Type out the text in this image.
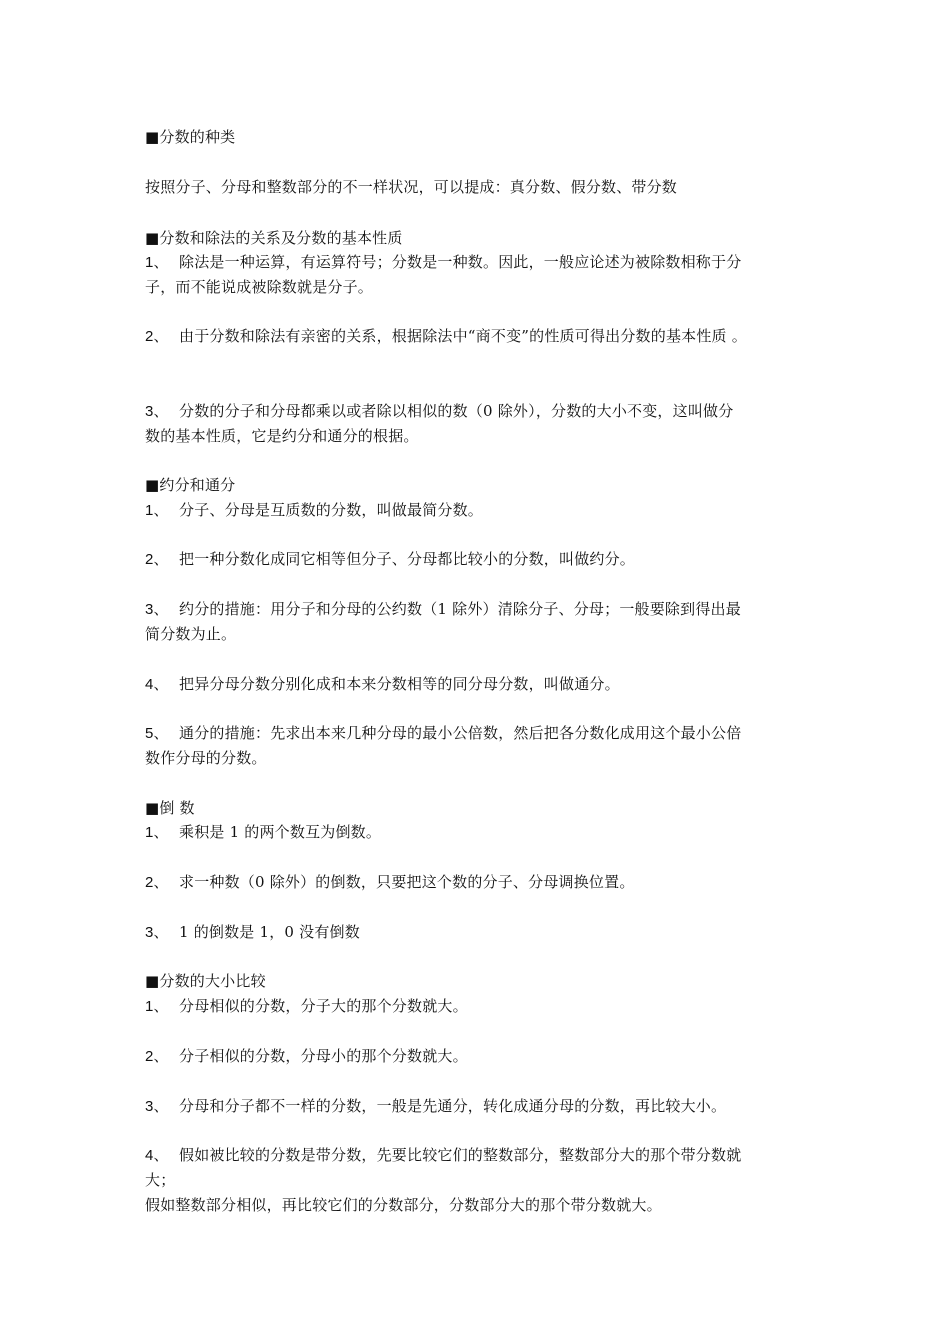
■分数的种类
按照分子、分母和整数部分的不一样状况，可以提成：真分数、假分数、带分数
■分数和除法的关系及分数的基本性质
1、 除法是一种运算，有运算符号；分数是一种数。因此，一般应论述为被除数相称于分
子，而不能说成被除数就是分子。
2、 由于分数和除法有亲密的关系，根据除法中“商不变”的性质可得出分数的基本性质 。
3、 分数的分子和分母都乘以或者除以相似的数（0 除外），分数的大小不变，这叫做分
数的基本性质，它是约分和通分的根据。
■约分和通分
1、 分子、分母是互质数的分数，叫做最简分数。
2、 把一种分数化成同它相等但分子、分母都比较小的分数，叫做约分。
3、 约分的措施：用分子和分母的公约数（1 除外）清除分子、分母；一般要除到得出最
简分数为止。
4、 把异分母分数分别化成和本来分数相等的同分母分数，叫做通分。
5、 通分的措施：先求出本来几种分母的最小公倍数，然后把各分数化成用这个最小公倍
数作分母的分数。
■倒 数
1、 乘积是 1 的两个数互为倒数。
2、 求一种数（0 除外）的倒数，只要把这个数的分子、分母调换位置。
3、 1 的倒数是 1，0 没有倒数
■分数的大小比较
1、 分母相似的分数，分子大的那个分数就大。
2、 分子相似的分数，分母小的那个分数就大。
3、 分母和分子都不一样的分数，一般是先通分，转化成通分母的分数，再比较大小。
4、 假如被比较的分数是带分数，先要比较它们的整数部分，整数部分大的那个带分数就
大；
假如整数部分相似，再比较它们的分数部分，分数部分大的那个带分数就大。
